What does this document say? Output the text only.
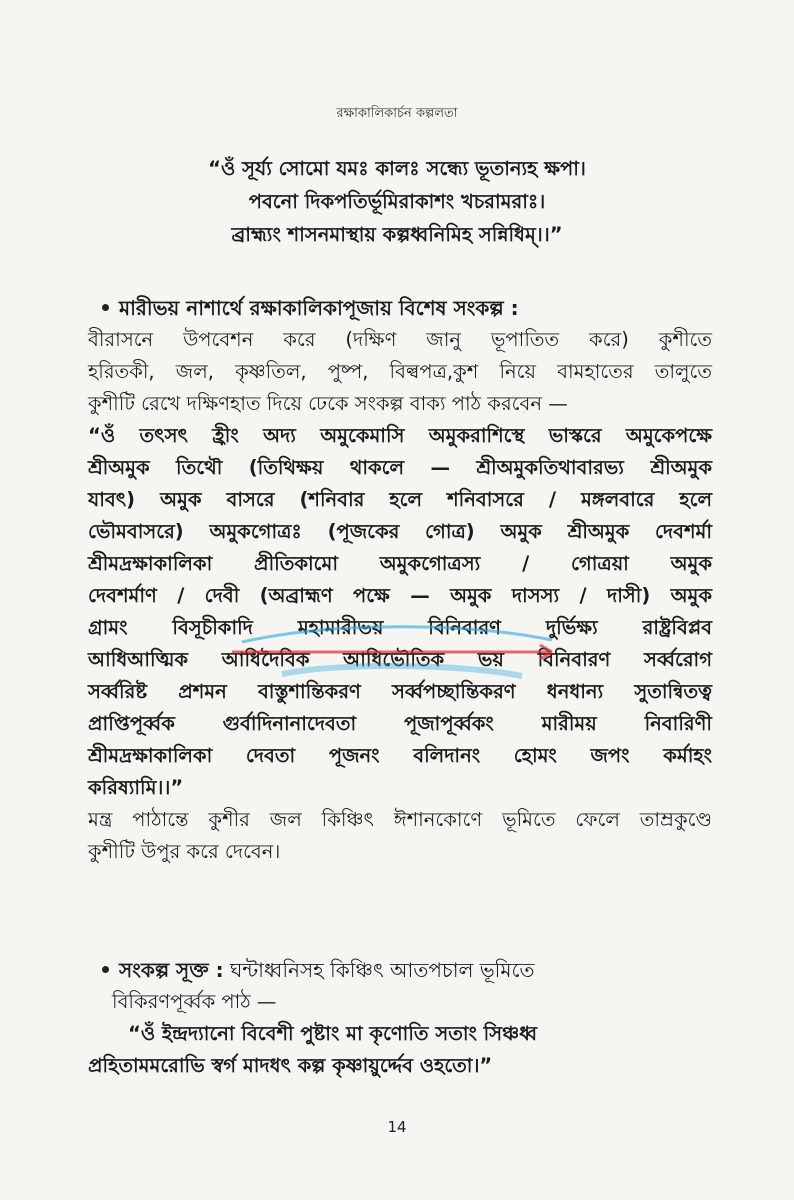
রক্ষাকালিকার্চন কল্পলতা

“ওঁ সূর্য্য সোমো যমঃ কালঃ সন্ধ্যে ভূতান্যহ ক্ষপা।

পবনো দিকপতির্ভূমিরাকাশং খচরামরাঃ।

ব্রাহ্ম্যং শাসনমাস্থায় কল্পধ্বনিমিহ সন্নিধিম্।।”

মারীভয় নাশার্থে রক্ষাকালিকাপূজায় বিশেষ সংকল্প :

বীরাসনে উপবেশন করে (দক্ষিণ জানু ভূপাতিত করে) কুশীতে

হরিতকী, জল, কৃষ্ণতিল, পুষ্প, বিল্বপত্র,কুশ নিয়ে বামহাতের তালুতে

কুশীটি রেখে দক্ষিণহাত দিয়ে ঢেকে সংকল্প বাক্য পাঠ করবেন —

“ওঁ তৎসৎ হ্রীং অদ্য অমুকেমাসি অমুকরাশিস্থে ভাস্করে অমুকেপক্ষে

শ্রীঅমুক তিথৌ (তিথিক্ষয় থাকলে — শ্রীঅমুকতিথাবারভ্য শ্রীঅমুক

যাবৎ) অমুক বাসরে (শনিবার হলে শনিবাসরে / মঙ্গলবারে হলে

ভৌমবাসরে) অমুকগোত্রঃ (পূজকের গোত্র) অমুক শ্রীঅমুক দেবশর্মা

শ্রীমদ্রক্ষাকালিকা প্রীতিকামো অমুকগোত্রস্য / গোত্রয়া অমুক

দেবশর্মাণ / দেবী (অব্রাহ্মণ পক্ষে — অমুক দাসস্য / দাসী) অমুক

গ্রামং বিসূচীকাদি মহামারীভয় বিনিবারণ দুর্ভিক্ষ্য রাষ্ট্রবিপ্লব

আধিআত্মিক আধিদৈবিক আধিভৌতিক ভয় বিনিবারণ সর্ব্বরোগ

সর্ব্বরিষ্ট প্রশমন বাস্তুশান্তিকরণ সর্ব্বপচ্ছান্তিকরণ ধনধান্য সুতান্বিতত্ব

প্রাপ্তিপূর্ব্বক গুর্বাদিনানাদেবতা পূজাপূর্ব্বকং মারীময় নিবারিণী

শ্রীমদ্রক্ষাকালিকা দেবতা পূজনং বলিদানং হোমং জপং কর্মাহং

করিষ্যামি।।”

মন্ত্র পাঠান্তে কুশীর জল কিঞ্চিৎ ঈশানকোণে ভূমিতে ফেলে তাম্রকুণ্ডে

কুশীটি উপুর করে দেবেন।

সংকল্প সূক্ত : ঘন্টাধ্বনিসহ কিঞ্চিৎ আতপচাল ভূমিতে

বিকিরণপূর্ব্বক পাঠ —

“ওঁ ইন্দ্রদ্যানো বিবেশী পুষ্টাং মা কৃণোতি সতাং সিঞ্চধ্ব

প্রহিতামমরোভি স্বর্গ মাদধৎ কল্প কৃষ্ণায়ুর্দ্দেব ওহতো।”

14
